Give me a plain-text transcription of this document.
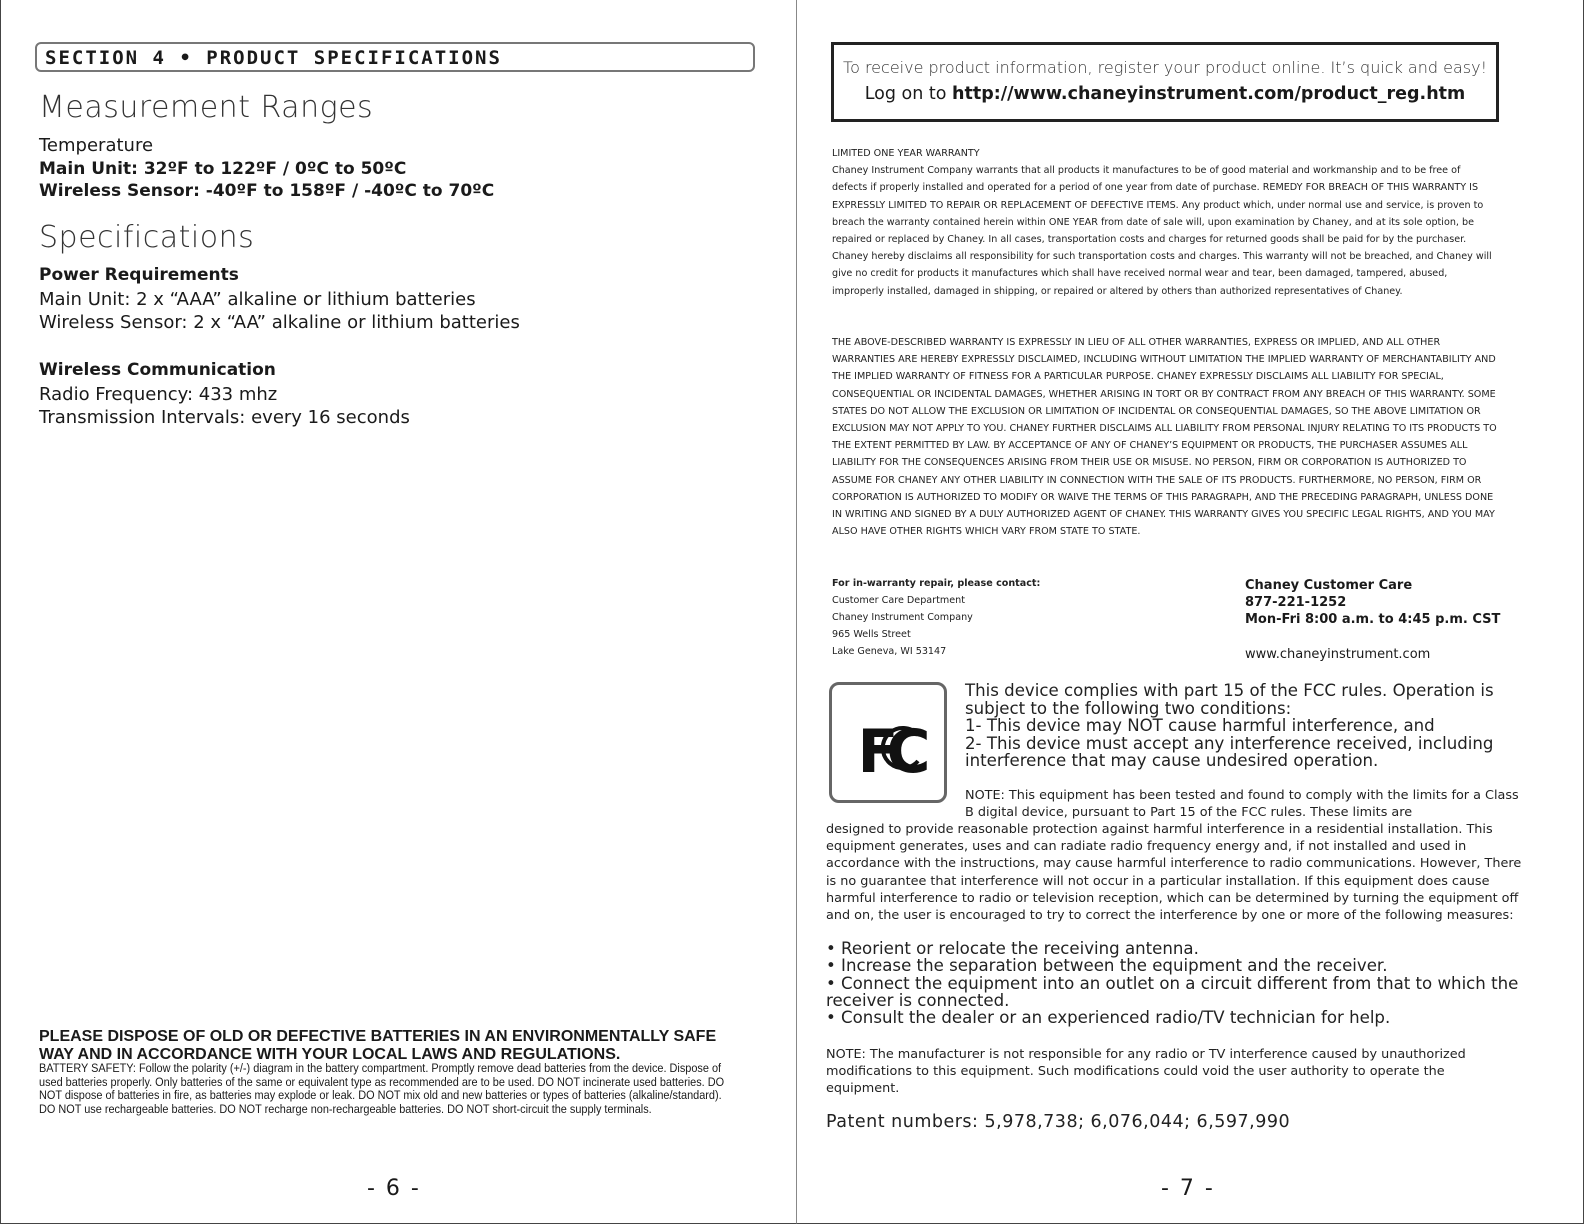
SECTION 4 • PRODUCT SPECIFICATIONS
Measurement Ranges
Temperature
Main Unit: 32ºF to 122ºF / 0ºC to 50ºC
Wireless Sensor: -40ºF to 158ºF / -40ºC to 70ºC
Specifications
Power Requirements
Main Unit: 2 x “AAA” alkaline or lithium batteries
Wireless Sensor: 2 x “AA” alkaline or lithium batteries
Wireless Communication
Radio Frequency: 433 mhz
Transmission Intervals: every 16 seconds
PLEASE DISPOSE OF OLD OR DEFECTIVE BATTERIES IN AN ENVIRONMENTALLY SAFE WAY AND IN ACCORDANCE WITH YOUR LOCAL LAWS AND REGULATIONS.
BATTERY SAFETY: Follow the polarity (+/-) diagram in the battery compartment. Promptly remove dead batteries from the device. Dispose of used batteries properly. Only batteries of the same or equivalent type as recommended are to be used. DO NOT incinerate used batteries. DO NOT dispose of batteries in fire, as batteries may explode or leak. DO NOT mix old and new batteries or types of batteries (alkaline/standard). DO NOT use rechargeable batteries. DO NOT recharge non-rechargeable batteries. DO NOT short-circuit the supply terminals.
- 6 -
To receive product information, register your product online. It’s quick and easy!
Log on to http://www.chaneyinstrument.com/product_reg.htm

LIMITED ONE YEAR WARRANTY
Chaney Instrument Company warrants that all products it manufactures to be of good material and workmanship and to be free of defects if properly installed and operated for a period of one year from date of purchase. REMEDY FOR BREACH OF THIS WARRANTY IS EXPRESSLY LIMITED TO REPAIR OR REPLACEMENT OF DEFECTIVE ITEMS. Any product which, under normal use and service, is proven to breach the warranty contained herein within ONE YEAR from date of sale will, upon examination by Chaney, and at its sole option, be repaired or replaced by Chaney. In all cases, transportation costs and charges for returned goods shall be paid for by the purchaser. Chaney hereby disclaims all responsibility for such transportation costs and charges. This warranty will not be breached, and Chaney will give no credit for products it manufactures which shall have received normal wear and tear, been damaged, tampered, abused, improperly installed, damaged in shipping, or repaired or altered by others than authorized representatives of Chaney.

THE ABOVE-DESCRIBED WARRANTY IS EXPRESSLY IN LIEU OF ALL OTHER WARRANTIES, EXPRESS OR IMPLIED, AND ALL OTHER WARRANTIES ARE HEREBY EXPRESSLY DISCLAIMED, INCLUDING WITHOUT LIMITATION THE IMPLIED WARRANTY OF MERCHANTABILITY AND THE IMPLIED WARRANTY OF FITNESS FOR A PARTICULAR PURPOSE. CHANEY EXPRESSLY DISCLAIMS ALL LIABILITY FOR SPECIAL, CONSEQUENTIAL OR INCIDENTAL DAMAGES, WHETHER ARISING IN TORT OR BY CONTRACT FROM ANY BREACH OF THIS WARRANTY. SOME STATES DO NOT ALLOW THE EXCLUSION OR LIMITATION OF INCIDENTAL OR CONSEQUENTIAL DAMAGES, SO THE ABOVE LIMITATION OR EXCLUSION MAY NOT APPLY TO YOU. CHANEY FURTHER DISCLAIMS ALL LIABILITY FROM PERSONAL INJURY RELATING TO ITS PRODUCTS TO THE EXTENT PERMITTED BY LAW. BY ACCEPTANCE OF ANY OF CHANEY’S EQUIPMENT OR PRODUCTS, THE PURCHASER ASSUMES ALL LIABILITY FOR THE CONSEQUENCES ARISING FROM THEIR USE OR MISUSE. NO PERSON, FIRM OR CORPORATION IS AUTHORIZED TO ASSUME FOR CHANEY ANY OTHER LIABILITY IN CONNECTION WITH THE SALE OF ITS PRODUCTS. FURTHERMORE, NO PERSON, FIRM OR CORPORATION IS AUTHORIZED TO MODIFY OR WAIVE THE TERMS OF THIS PARAGRAPH, AND THE PRECEDING PARAGRAPH, UNLESS DONE IN WRITING AND SIGNED BY A DULY AUTHORIZED AGENT OF CHANEY. THIS WARRANTY GIVES YOU SPECIFIC LEGAL RIGHTS, AND YOU MAY ALSO HAVE OTHER RIGHTS WHICH VARY FROM STATE TO STATE.

For in-warranty repair, please contact:
Customer Care Department
Chaney Instrument Company
965 Wells Street
Lake Geneva, WI 53147
Chaney Customer Care
877-221-1252
Mon-Fri 8:00 a.m. to 4:45 p.m. CST
www.chaneyinstrument.com
FC
This device complies with part 15 of the FCC rules. Operation is subject to the following two conditions:
1- This device may NOT cause harmful interference, and
2- This device must accept any interference received, including interference that may cause undesired operation.
NOTE: This equipment has been tested and found to comply with the limits for a Class B digital device, pursuant to Part 15 of the FCC rules. These limits are
designed to provide reasonable protection against harmful interference in a residential installation. This equipment generates, uses and can radiate radio frequency energy and, if not installed and used in accordance with the instructions, may cause harmful interference to radio communications. However, There is no guarantee that interference will not occur in a particular installation. If this equipment does cause harmful interference to radio or television reception, which can be determined by turning the equipment off and on, the user is encouraged to try to correct the interference by one or more of the following measures:
• Reorient or relocate the receiving antenna.
• Increase the separation between the equipment and the receiver.
• Connect the equipment into an outlet on a circuit different from that to which the receiver is connected.
• Consult the dealer or an experienced radio/TV technician for help.
NOTE: The manufacturer is not responsible for any radio or TV interference caused by unauthorized modifications to this equipment. Such modifications could void the user authority to operate the equipment.
Patent numbers: 5,978,738; 6,076,044; 6,597,990
- 7 -
